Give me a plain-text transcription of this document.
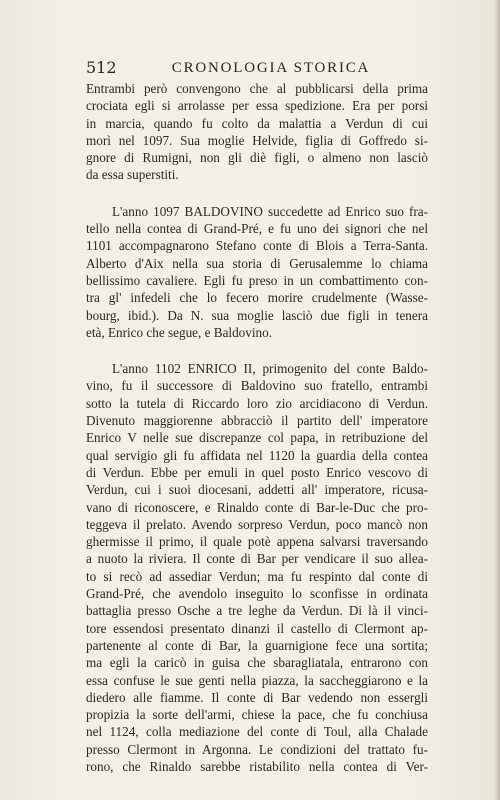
512	CRONOLOGIA STORICA
Entrambi però convengono che al pubblicarsi della prima
crociata egli si arrolasse per essa spedizione. Era per porsi
in marcia, quando fu colto da malattia a Verdun di cui
morì nel 1097. Sua moglie Helvide, figlia di Goffredo si-
gnore di Rumigni, non gli diè figli, o almeno non lasciò
da essa superstiti.
L'anno 1097 BALDOVINO succedette ad Enrico suo fra-
tello nella contea di Grand-Pré, e fu uno dei signori che nel
1101 accompagnarono Stefano conte di Blois a Terra-Santa.
Alberto d'Aix nella sua storia di Gerusalemme lo chiama
bellissimo cavaliere. Egli fu preso in un combattimento con-
tra gl' infedeli che lo fecero morire crudelmente (Wasse-
bourg, ibid.). Da N. sua moglie lasciò due figli in tenera
età, Enrico che segue, e Baldovino.
L'anno 1102 ENRICO II, primogenito del conte Baldo-
vino, fu il successore di Baldovino suo fratello, entrambi
sotto la tutela di Riccardo loro zio arcidiacono di Verdun.
Divenuto maggiorenne abbracciò il partito dell' imperatore
Enrico V nelle sue discrepanze col papa, in retribuzione del
qual servigio gli fu affidata nel 1120 la guardia della contea
di Verdun. Ebbe per emuli in quel posto Enrico vescovo di
Verdun, cui i suoi diocesani, addetti all' imperatore, ricusa-
vano di riconoscere, e Rinaldo conte di Bar-le-Duc che pro-
teggeva il prelato. Avendo sorpreso Verdun, poco mancò non
ghermisse il primo, il quale potè appena salvarsi traversando
a nuoto la riviera. Il conte di Bar per vendicare il suo allea-
to si recò ad assediar Verdun; ma fu respinto dal conte di
Grand-Pré, che avendolo inseguito lo sconfisse in ordinata
battaglia presso Osche a tre leghe da Verdun. Di là il vinci-
tore essendosi presentato dinanzi il castello di Clermont ap-
partenente al conte di Bar, la guarnigione fece una sortita;
ma egli la caricò in guisa che sbaragliatala, entrarono con
essa confuse le sue genti nella piazza, la saccheggiarono e la
diedero alle fiamme. Il conte di Bar vedendo non essergli
propizia la sorte dell'armi, chiese la pace, che fu conchiusa
nel 1124, colla mediazione del conte di Toul, alla Chalade
presso Clermont in Argonna. Le condizioni del trattato fu-
rono, che Rinaldo sarebbe ristabilito nella contea di Ver-
